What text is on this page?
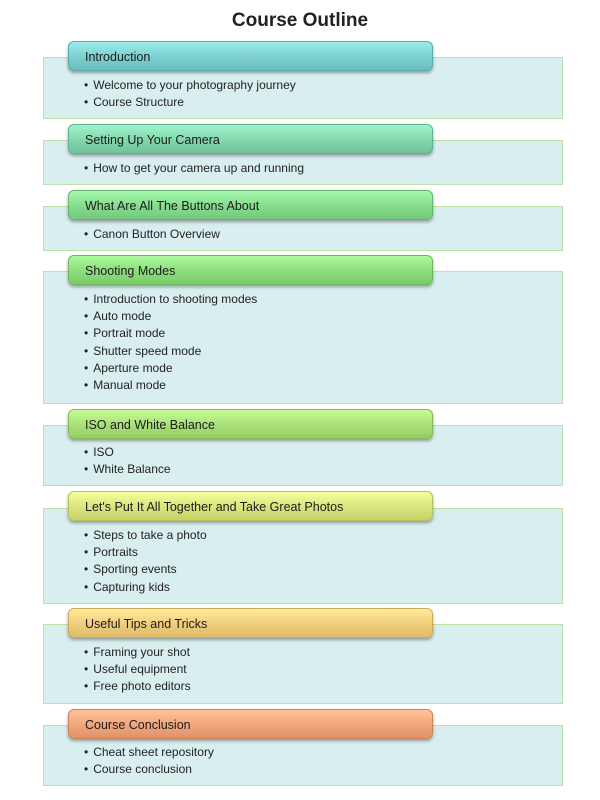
Course Outline
Introduction
• Welcome to your photography journey
• Course Structure
Setting Up Your Camera
• How to get your camera up and running
What Are All The Buttons About
• Canon Button Overview
Shooting Modes
• Introduction to shooting modes
• Auto mode
• Portrait mode
• Shutter speed mode
• Aperture mode
• Manual mode
ISO and White Balance
• ISO
• White Balance
Let's Put It All Together and Take Great Photos
• Steps to take a photo
• Portraits
• Sporting events
• Capturing kids
Useful Tips and Tricks
• Framing your shot
• Useful equipment
• Free photo editors
Course Conclusion
• Cheat sheet repository
• Course conclusion
